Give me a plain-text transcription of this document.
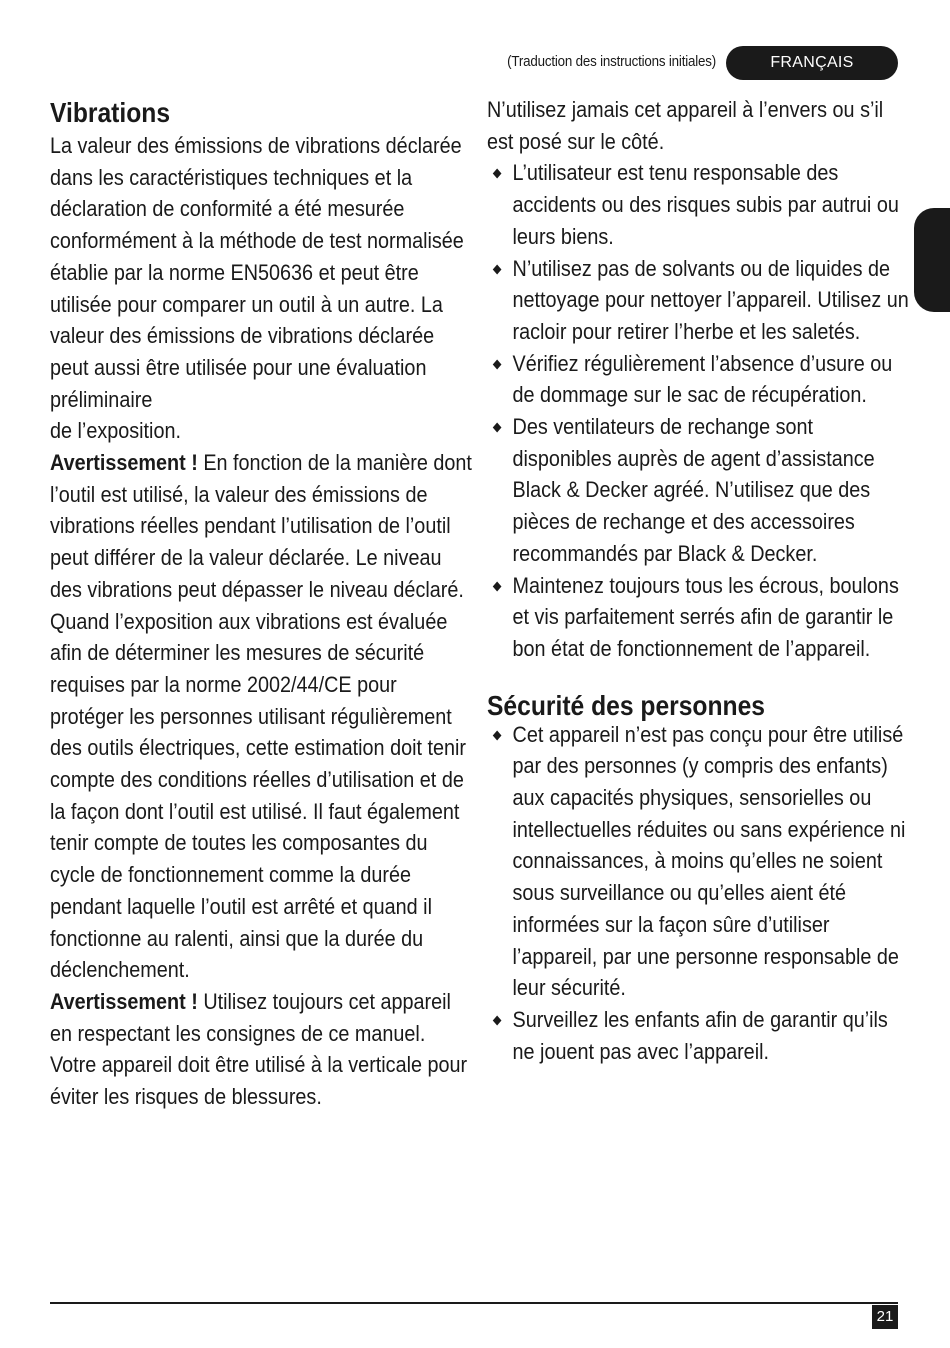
(Traduction des instructions initiales)	FRANÇAIS
Vibrations

La valeur des émissions de vibrations déclarée dans les caractéristiques techniques et la déclaration de conformité a été mesurée conformément à la méthode de test normalisée établie par la norme EN50636 et peut être utilisée pour comparer un outil à un autre. La valeur des émissions de vibrations déclarée peut aussi être utilisée pour une évaluation préliminaire

de l’exposition.

Avertissement ! En fonction de la manière dont l’outil est utilisé, la valeur des émissions de vibrations réelles pendant l’utilisation de l’outil peut différer de la valeur déclarée. Le niveau des vibrations peut dépasser le niveau déclaré. Quand l’exposition aux vibrations est évaluée afin de déterminer les mesures de sécurité requises par la norme 2002/44/CE pour protéger les personnes utilisant régulièrement des outils électriques, cette estimation doit tenir compte des conditions réelles d’utilisation et de la façon dont l’outil est utilisé. Il faut également tenir compte de toutes les composantes du cycle de fonctionnement comme la durée pendant laquelle l’outil est arrêté et quand il fonctionne au ralenti, ainsi que la durée du déclenchement.

Avertissement ! Utilisez toujours cet appareil en respectant les consignes de ce manuel. Votre appareil doit être utilisé à la verticale pour éviter les risques de blessures.

N’utilisez jamais cet appareil à l’envers ou s’il est posé sur le côté.

L’utilisateur est tenu responsable des accidents ou des risques subis par autrui ou leurs biens.
N’utilisez pas de solvants ou de liquides de nettoyage pour nettoyer l’appareil. Utilisez un racloir pour retirer l’herbe et les saletés.
Vérifiez régulièrement l’absence d’usure ou de dommage sur le sac de récupération.
Des ventilateurs de rechange sont disponibles auprès de agent d’assistance Black & Decker agréé. N’utilisez que des pièces de rechange et des accessoires recommandés par Black & Decker.
Maintenez toujours tous les écrous, boulons et vis parfaitement serrés afin de garantir le bon état de fonctionnement de l’appareil.
Sécurité des personnes
Cet appareil n’est pas conçu pour être utilisé par des personnes (y compris des enfants) aux capacités physiques, sensorielles ou intellectuelles réduites ou sans expérience ni connaissances, à moins qu’elles ne soient sous surveillance ou qu’elles aient été informées sur la façon sûre d’utiliser l’appareil, par une personne responsable de leur sécurité.
Surveillez les enfants afin de garantir qu’ils ne jouent pas avec l’appareil.
21
